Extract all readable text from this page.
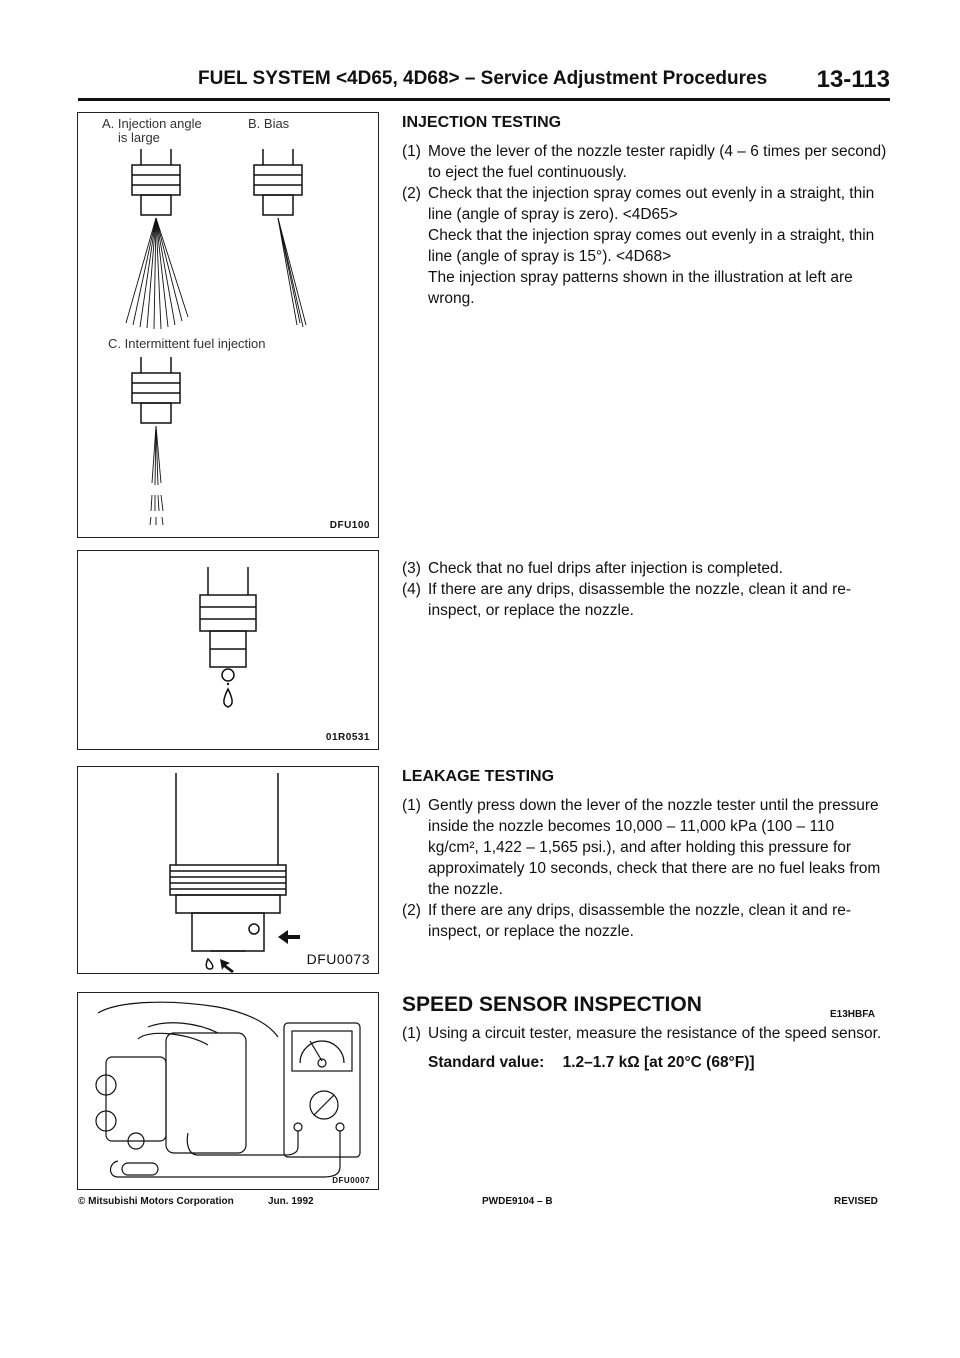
FUEL SYSTEM <4D65, 4D68> – Service Adjustment Procedures 13-113
A. Injection angle
is large
B. Bias
C. Intermittent fuel injection
DFU100
01R0531
DFU0073
DFU0007
INJECTION TESTING
(1) Move the lever of the nozzle tester rapidly (4 – 6 times per second) to eject the fuel continuously.
(2) Check that the injection spray comes out evenly in a straight, thin line (angle of spray is zero). <4D65>
Check that the injection spray comes out evenly in a straight, thin line (angle of spray is 15°). <4D68>
The injection spray patterns shown in the illustration at left are wrong.
(3) Check that no fuel drips after injection is completed.
(4) If there are any drips, disassemble the nozzle, clean it and re-inspect, or replace the nozzle.
LEAKAGE TESTING
(1) Gently press down the lever of the nozzle tester until the pressure inside the nozzle becomes 10,000 – 11,000 kPa (100 – 110 kg/cm², 1,422 – 1,565 psi.), and after holding this pressure for approximately 10 seconds, check that there are no fuel leaks from the nozzle.
(2) If there are any drips, disassemble the nozzle, clean it and re-inspect, or replace the nozzle.
SPEED SENSOR INSPECTION	E13HBFA
(1) Using a circuit tester, measure the resistance of the speed sensor.
Standard value: 1.2–1.7 kΩ [at 20°C (68°F)]
© Mitsubishi Motors Corporation	Jun. 1992	PWDE9104 – B	REVISED
